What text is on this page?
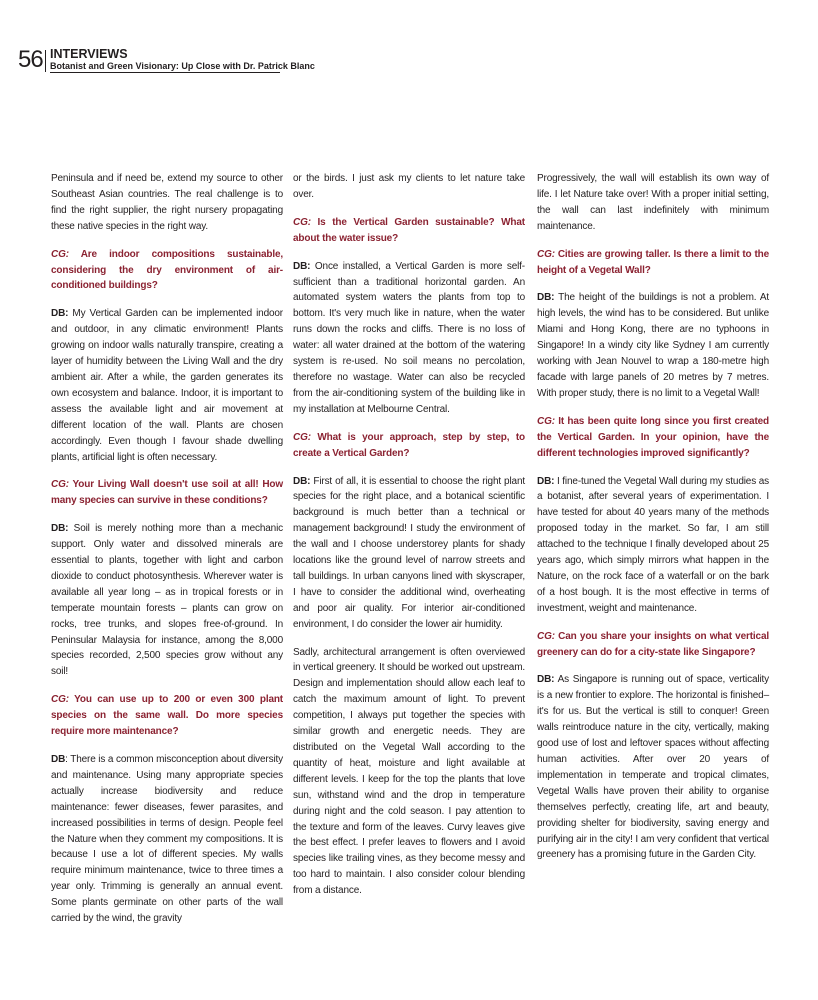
56 INTERVIEWS
Botanist and Green Visionary: Up Close with Dr. Patrick Blanc

Peninsula and if need be, extend my source to other Southeast Asian countries. The real challenge is to find the right supplier, the right nursery propagating these native species in the right way.

CG: Are indoor compositions sustainable, considering the dry environment of air-conditioned buildings?

DB: My Vertical Garden can be implemented indoor and outdoor, in any climatic environment! Plants growing on indoor walls naturally transpire, creating a layer of humidity between the Living Wall and the dry ambient air. After a while, the garden generates its own ecosystem and balance. Indoor, it is important to assess the available light and air movement at different location of the wall. Plants are chosen accordingly. Even though I favour shade dwelling plants, artificial light is often necessary.

CG: Your Living Wall doesn't use soil at all! How many species can survive in these conditions?

DB: Soil is merely nothing more than a mechanic support. Only water and dissolved minerals are essential to plants, together with light and carbon dioxide to conduct photosynthesis. Wherever water is available all year long – as in tropical forests or in temperate mountain forests – plants can grow on rocks, tree trunks, and slopes free-of-ground. In Peninsular Malaysia for instance, among the 8,000 species recorded, 2,500 species grow without any soil!

CG: You can use up to 200 or even 300 plant species on the same wall. Do more species require more maintenance?

DB: There is a common misconception about diversity and maintenance. Using many appropriate species actually increase biodiversity and reduce maintenance: fewer diseases, fewer parasites, and increased possibilities in terms of design. People feel the Nature when they comment my compositions. It is because I use a lot of different species. My walls require minimum maintenance, twice to three times a year only. Trimming is generally an annual event. Some plants germinate on other parts of the wall carried by the wind, the gravity

or the birds. I just ask my clients to let nature take over.

CG: Is the Vertical Garden sustainable? What about the water issue?

DB: Once installed, a Vertical Garden is more self-sufficient than a traditional horizontal garden. An automated system waters the plants from top to bottom. It's very much like in nature, when the water runs down the rocks and cliffs. There is no loss of water: all water drained at the bottom of the watering system is re-used. No soil means no percolation, therefore no wastage. Water can also be recycled from the air-conditioning system of the building like in my installation at Melbourne Central.

CG: What is your approach, step by step, to create a Vertical Garden?

DB: First of all, it is essential to choose the right plant species for the right place, and a botanical scientific background is much better than a technical or management background! I study the environment of the wall and I choose understorey plants for shady locations like the ground level of narrow streets and tall buildings. In urban canyons lined with skyscraper, I have to consider the additional wind, overheating and poor air quality. For interior air-conditioned environment, I do consider the lower air humidity.

Sadly, architectural arrangement is often overviewed in vertical greenery. It should be worked out upstream. Design and implementation should allow each leaf to catch the maximum amount of light. To prevent competition, I always put together the species with similar growth and energetic needs. They are distributed on the Vegetal Wall according to the quantity of heat, moisture and light available at different levels. I keep for the top the plants that love sun, withstand wind and the drop in temperature during night and the cold season. I pay attention to the texture and form of the leaves. Curvy leaves give the best effect. I prefer leaves to flowers and I avoid species like trailing vines, as they become messy and too hard to maintain. I also consider colour blending from a distance.

Progressively, the wall will establish its own way of life. I let Nature take over! With a proper initial setting, the wall can last indefinitely with minimum maintenance.

CG: Cities are growing taller. Is there a limit to the height of a Vegetal Wall?

DB: The height of the buildings is not a problem. At high levels, the wind has to be considered. But unlike Miami and Hong Kong, there are no typhoons in Singapore! In a windy city like Sydney I am currently working with Jean Nouvel to wrap a 180-metre high facade with large panels of 20 metres by 7 metres. With proper study, there is no limit to a Vegetal Wall!

CG: It has been quite long since you first created the Vertical Garden. In your opinion, have the different technologies improved significantly?

DB: I fine-tuned the Vegetal Wall during my studies as a botanist, after several years of experimentation. I have tested for about 40 years many of the methods proposed today in the market. So far, I am still attached to the technique I finally developed about 25 years ago, which simply mirrors what happen in the Nature, on the rock face of a waterfall or on the bark of a host bough. It is the most effective in terms of investment, weight and maintenance.

CG: Can you share your insights on what vertical greenery can do for a city-state like Singapore?

DB: As Singapore is running out of space, verticality is a new frontier to explore. The horizontal is finished– it's for us. But the vertical is still to conquer! Green walls reintroduce nature in the city, vertically, making good use of lost and leftover spaces without affecting human activities. After over 20 years of implementation in temperate and tropical climates, Vegetal Walls have proven their ability to organise themselves perfectly, creating life, art and beauty, providing shelter for biodiversity, saving energy and purifying air in the city! I am very confident that vertical greenery has a promising future in the Garden City.
